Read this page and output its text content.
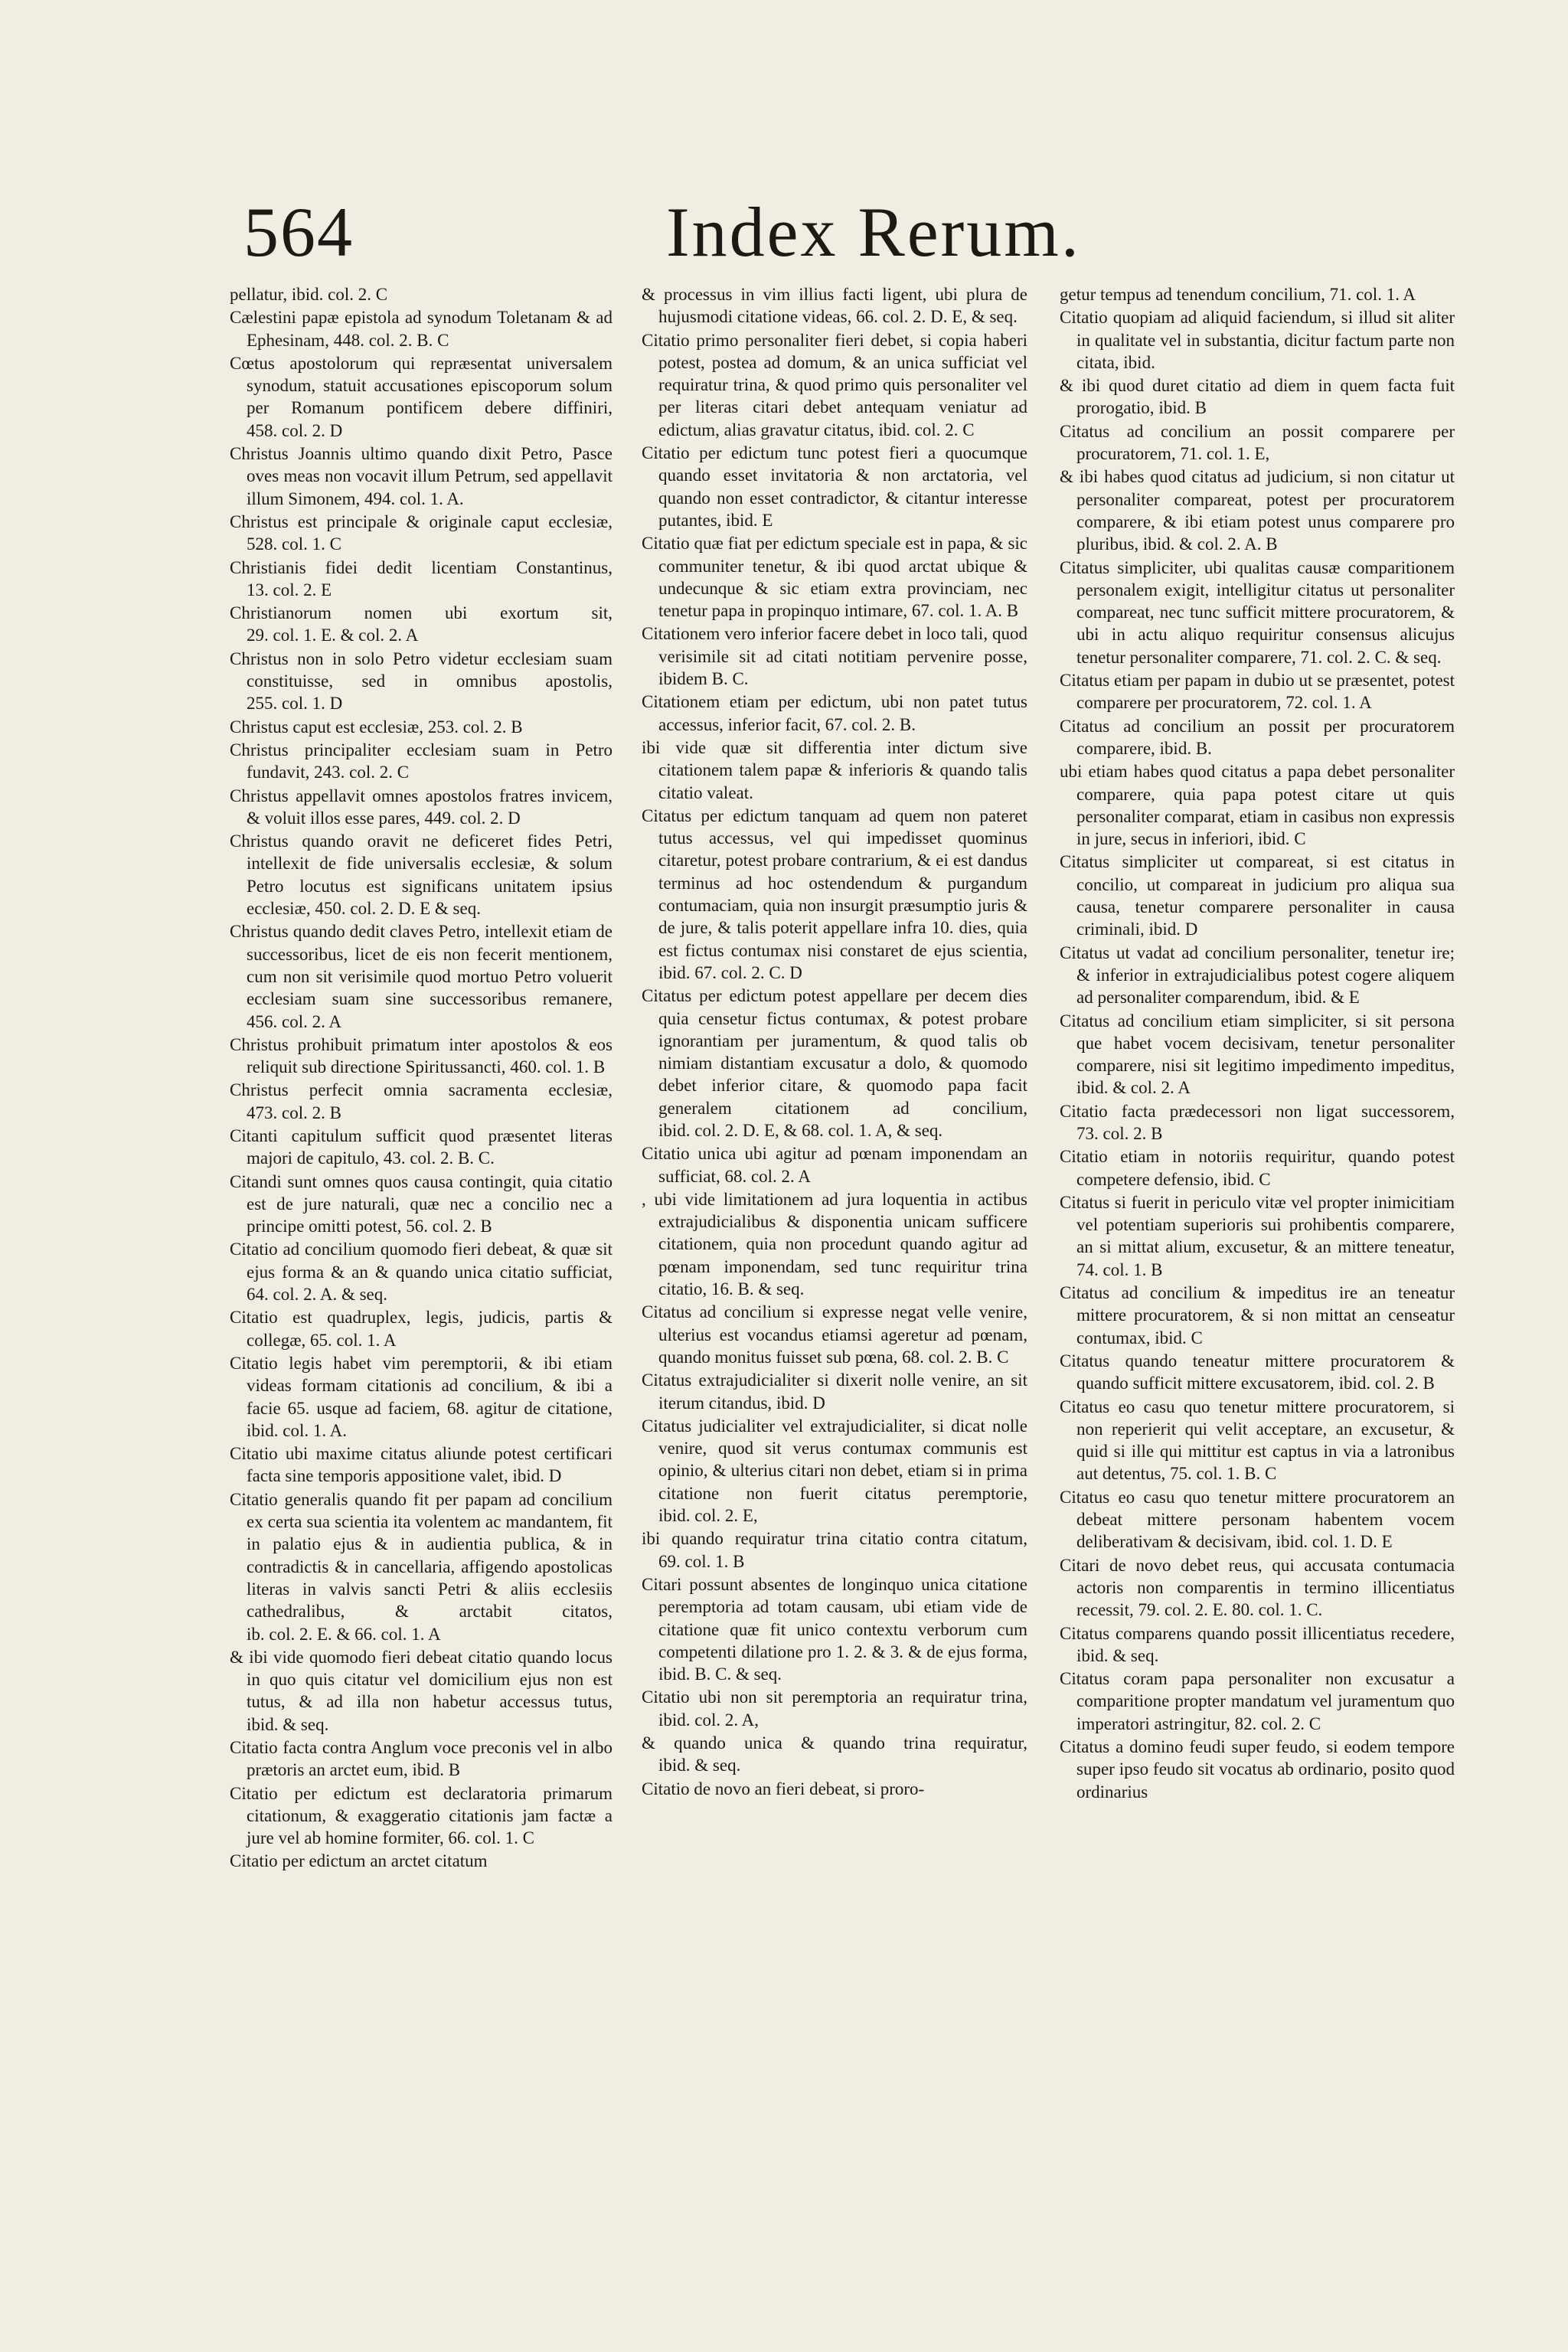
564	Index Rerum.

pellatur, ibid. col. 2. C

Cælestini papæ epistola ad synodum Toletanam & ad Ephesinam, 448. col. 2. B. C

Cœtus apostolorum qui repræsentat universalem synodum, statuit accusationes episcoporum solum per Romanum pontificem debere diffiniri, 458. col. 2. D

Christus Joannis ultimo quando dixit Petro, Pasce oves meas non vocavit illum Petrum, sed appellavit illum Simonem, 494. col. 1. A.

Christus est principale & originale caput ecclesiæ, 528. col. 1. C

Christianis fidei dedit licentiam Constantinus, 13. col. 2. E

Christianorum nomen ubi exortum sit, 29. col. 1. E. & col. 2. A

Christus non in solo Petro videtur ecclesiam suam constituisse, sed in omnibus apostolis, 255. col. 1. D

Christus caput est ecclesiæ, 253. col. 2. B

Christus principaliter ecclesiam suam in Petro fundavit, 243. col. 2. C

Christus appellavit omnes apostolos fratres invicem, & voluit illos esse pares, 449. col. 2. D

Christus quando oravit ne deficeret fides Petri, intellexit de fide universalis ecclesiæ, & solum Petro locutus est significans unitatem ipsius ecclesiæ, 450. col. 2. D. E & seq.

Christus quando dedit claves Petro, intellexit etiam de successoribus, licet de eis non fecerit mentionem, cum non sit verisimile quod mortuo Petro voluerit ecclesiam suam sine successoribus remanere, 456. col. 2. A

Christus prohibuit primatum inter apostolos & eos reliquit sub directione Spiritussancti, 460. col. 1. B

Christus perfecit omnia sacramenta ecclesiæ, 473. col. 2. B

Citanti capitulum sufficit quod præsentet literas majori de capitulo, 43. col. 2. B. C.

Citandi sunt omnes quos causa contingit, quia citatio est de jure naturali, quæ nec a concilio nec a principe omitti potest, 56. col. 2. B

Citatio ad concilium quomodo fieri debeat, & quæ sit ejus forma & an & quando unica citatio sufficiat, 64. col. 2. A. & seq.

Citatio est quadruplex, legis, judicis, partis & collegæ, 65. col. 1. A

Citatio legis habet vim peremptorii, & ibi etiam videas formam citationis ad concilium, & ibi a facie 65. usque ad faciem, 68. agitur de citatione, ibid. col. 1. A.

Citatio ubi maxime citatus aliunde potest certificari facta sine temporis appositione valet, ibid. D

Citatio generalis quando fit per papam ad concilium ex certa sua scientia ita volentem ac mandantem, fit in palatio ejus & in audientia publica, & in contradictis & in cancellaria, affigendo apostolicas literas in valvis sancti Petri & aliis ecclesiis cathedralibus, & arctabit citatos, ib. col. 2. E. & 66. col. 1. A

& ibi vide quomodo fieri debeat citatio quando locus in quo quis citatur vel domicilium ejus non est tutus, & ad illa non habetur accessus tutus, ibid. & seq.

Citatio facta contra Anglum voce preconis vel in albo prætoris an arctet eum, ibid. B

Citatio per edictum est declaratoria primarum citationum, & exaggeratio citationis jam factæ a jure vel ab homine formiter, 66. col. 1. C

Citatio per edictum an arctet citatum

& processus in vim illius facti ligent, ubi plura de hujusmodi citatione videas, 66. col. 2. D. E, & seq.

Citatio primo personaliter fieri debet, si copia haberi potest, postea ad domum, & an unica sufficiat vel requiratur trina, & quod primo quis personaliter vel per literas citari debet antequam veniatur ad edictum, alias gravatur citatus, ibid. col. 2. C

Citatio per edictum tunc potest fieri a quocumque quando esset invitatoria & non arctatoria, vel quando non esset contradictor, & citantur interesse putantes, ibid. E

Citatio quæ fiat per edictum speciale est in papa, & sic communiter tenetur, & ibi quod arctat ubique & undecunque & sic etiam extra provinciam, nec tenetur papa in propinquo intimare, 67. col. 1. A. B

Citationem vero inferior facere debet in loco tali, quod verisimile sit ad citati notitiam pervenire posse, ibidem B. C.

Citationem etiam per edictum, ubi non patet tutus accessus, inferior facit, 67. col. 2. B.

ibi vide quæ sit differentia inter dictum sive citationem talem papæ & inferioris & quando talis citatio valeat.

Citatus per edictum tanquam ad quem non pateret tutus accessus, vel qui impedisset quominus citaretur, potest probare contrarium, & ei est dandus terminus ad hoc ostendendum & purgandum contumaciam, quia non insurgit præsumptio juris & de jure, & talis poterit appellare infra 10. dies, quia est fictus contumax nisi constaret de ejus scientia, ibid. 67. col. 2. C. D

Citatus per edictum potest appellare per decem dies quia censetur fictus contumax, & potest probare ignorantiam per juramentum, & quod talis ob nimiam distantiam excusatur a dolo, & quomodo debet inferior citare, & quomodo papa facit generalem citationem ad concilium, ibid. col. 2. D. E, & 68. col. 1. A, & seq.

Citatio unica ubi agitur ad pœnam imponendam an sufficiat, 68. col. 2. A

, ubi vide limitationem ad jura loquentia in actibus extrajudicialibus & disponentia unicam sufficere citationem, quia non procedunt quando agitur ad pœnam imponendam, sed tunc requiritur trina citatio, 16. B. & seq.

Citatus ad concilium si expresse negat velle venire, ulterius est vocandus etiamsi ageretur ad pœnam, quando monitus fuisset sub pœna, 68. col. 2. B. C

Citatus extrajudicialiter si dixerit nolle venire, an sit iterum citandus, ibid. D

Citatus judicialiter vel extrajudicialiter, si dicat nolle venire, quod sit verus contumax communis est opinio, & ulterius citari non debet, etiam si in prima citatione non fuerit citatus peremptorie, ibid. col. 2. E,

ibi quando requiratur trina citatio contra citatum, 69. col. 1. B

Citari possunt absentes de longinquo unica citatione peremptoria ad totam causam, ubi etiam vide de citatione quæ fit unico contextu verborum cum competenti dilatione pro 1. 2. & 3. & de ejus forma, ibid. B. C. & seq.

Citatio ubi non sit peremptoria an requiratur trina, ibid. col. 2. A,

& quando unica & quando trina requiratur, ibid. & seq.

Citatio de novo an fieri debeat, si proro-

getur tempus ad tenendum concilium, 71. col. 1. A

Citatio quopiam ad aliquid faciendum, si illud sit aliter in qualitate vel in substantia, dicitur factum parte non citata, ibid.

& ibi quod duret citatio ad diem in quem facta fuit prorogatio, ibid. B

Citatus ad concilium an possit comparere per procuratorem, 71. col. 1. E,

& ibi habes quod citatus ad judicium, si non citatur ut personaliter compareat, potest per procuratorem comparere, & ibi etiam potest unus comparere pro pluribus, ibid. & col. 2. A. B

Citatus simpliciter, ubi qualitas causæ comparitionem personalem exigit, intelligitur citatus ut personaliter compareat, nec tunc sufficit mittere procuratorem, & ubi in actu aliquo requiritur consensus alicujus tenetur personaliter comparere, 71. col. 2. C. & seq.

Citatus etiam per papam in dubio ut se præsentet, potest comparere per procuratorem, 72. col. 1. A

Citatus ad concilium an possit per procuratorem comparere, ibid. B.

ubi etiam habes quod citatus a papa debet personaliter comparere, quia papa potest citare ut quis personaliter comparat, etiam in casibus non expressis in jure, secus in inferiori, ibid. C

Citatus simpliciter ut compareat, si est citatus in concilio, ut compareat in judicium pro aliqua sua causa, tenetur comparere personaliter in causa criminali, ibid. D

Citatus ut vadat ad concilium personaliter, tenetur ire; & inferior in extrajudicialibus potest cogere aliquem ad personaliter comparendum, ibid. & E

Citatus ad concilium etiam simpliciter, si sit persona que habet vocem decisivam, tenetur personaliter comparere, nisi sit legitimo impedimento impeditus, ibid. & col. 2. A

Citatio facta prædecessori non ligat successorem, 73. col. 2. B

Citatio etiam in notoriis requiritur, quando potest competere defensio, ibid. C

Citatus si fuerit in periculo vitæ vel propter inimicitiam vel potentiam superioris sui prohibentis comparere, an si mittat alium, excusetur, & an mittere teneatur, 74. col. 1. B

Citatus ad concilium & impeditus ire an teneatur mittere procuratorem, & si non mittat an censeatur contumax, ibid. C

Citatus quando teneatur mittere procuratorem & quando sufficit mittere excusatorem, ibid. col. 2. B

Citatus eo casu quo tenetur mittere procuratorem, si non reperierit qui velit acceptare, an excusetur, & quid si ille qui mittitur est captus in via a latronibus aut detentus, 75. col. 1. B. C

Citatus eo casu quo tenetur mittere procuratorem an debeat mittere personam habentem vocem deliberativam & decisivam, ibid. col. 1. D. E

Citari de novo debet reus, qui accusata contumacia actoris non comparentis in termino illicentiatus recessit, 79. col. 2. E. 80. col. 1. C.

Citatus comparens quando possit illicentiatus recedere, ibid. & seq.

Citatus coram papa personaliter non excusatur a comparitione propter mandatum vel juramentum quo imperatori astringitur, 82. col. 2. C

Citatus a domino feudi super feudo, si eodem tempore super ipso feudo sit vocatus ab ordinario, posito quod ordinarius
